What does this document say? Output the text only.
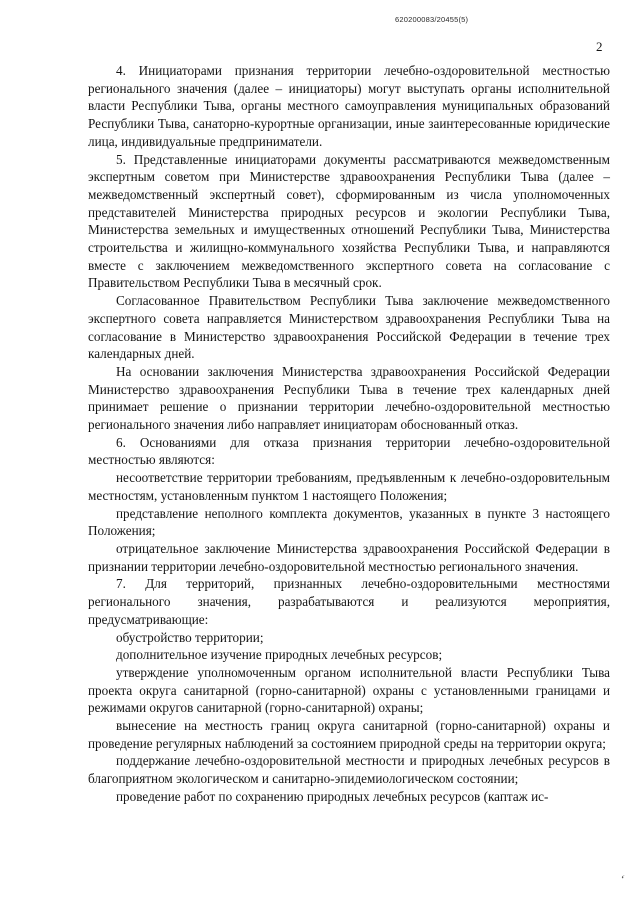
620200083/20455(5)
2

4. Инициаторами признания территории лечебно-оздоровительной местностью регионального значения (далее – инициаторы) могут выступать органы исполнительной власти Республики Тыва, органы местного самоуправления муниципальных образований Республики Тыва, санаторно-курортные организации, иные заинтересованные юридические лица, индивидуальные предприниматели.

5. Представленные инициаторами документы рассматриваются межведомственным экспертным советом при Министерстве здравоохранения Республики Тыва (далее – межведомственный экспертный совет), сформированным из числа уполномоченных представителей Министерства природных ресурсов и экологии Республики Тыва, Министерства земельных и имущественных отношений Республики Тыва, Министерства строительства и жилищно-коммунального хозяйства Республики Тыва, и направляются вместе с заключением межведомственного экспертного совета на согласование с Правительством Республики Тыва в месячный срок.

Согласованное Правительством Республики Тыва заключение межведомственного экспертного совета направляется Министерством здравоохранения Республики Тыва на согласование в Министерство здравоохранения Российской Федерации в течение трех календарных дней.

На основании заключения Министерства здравоохранения Российской Федерации Министерство здравоохранения Республики Тыва в течение трех календарных дней принимает решение о признании территории лечебно-оздоровительной местностью регионального значения либо направляет инициаторам обоснованный отказ.

6. Основаниями для отказа признания территории лечебно-оздоровительной местностью являются:

несоответствие территории требованиям, предъявленным к лечебно-оздоровительным местностям, установленным пунктом 1 настоящего Положения;

представление неполного комплекта документов, указанных в пункте 3 настоящего Положения;

отрицательное заключение Министерства здравоохранения Российской Федерации в признании территории лечебно-оздоровительной местностью регионального значения.

7. Для территорий, признанных лечебно-оздоровительными местностями регионального значения, разрабатываются и реализуются мероприятия, предусматривающие:

обустройство территории;

дополнительное изучение природных лечебных ресурсов;

утверждение уполномоченным органом исполнительной власти Республики Тыва проекта округа санитарной (горно-санитарной) охраны с установленными границами и режимами округов санитарной (горно-санитарной) охраны;

вынесение на местность границ округа санитарной (горно-санитарной) охраны и проведение регулярных наблюдений за состоянием природной среды на территории округа;

поддержание лечебно-оздоровительной местности и природных лечебных ресурсов в благоприятном экологическом и санитарно-эпидемиологическом состоянии;

проведение работ по сохранению природных лечебных ресурсов (каптаж ис-

ʻ
